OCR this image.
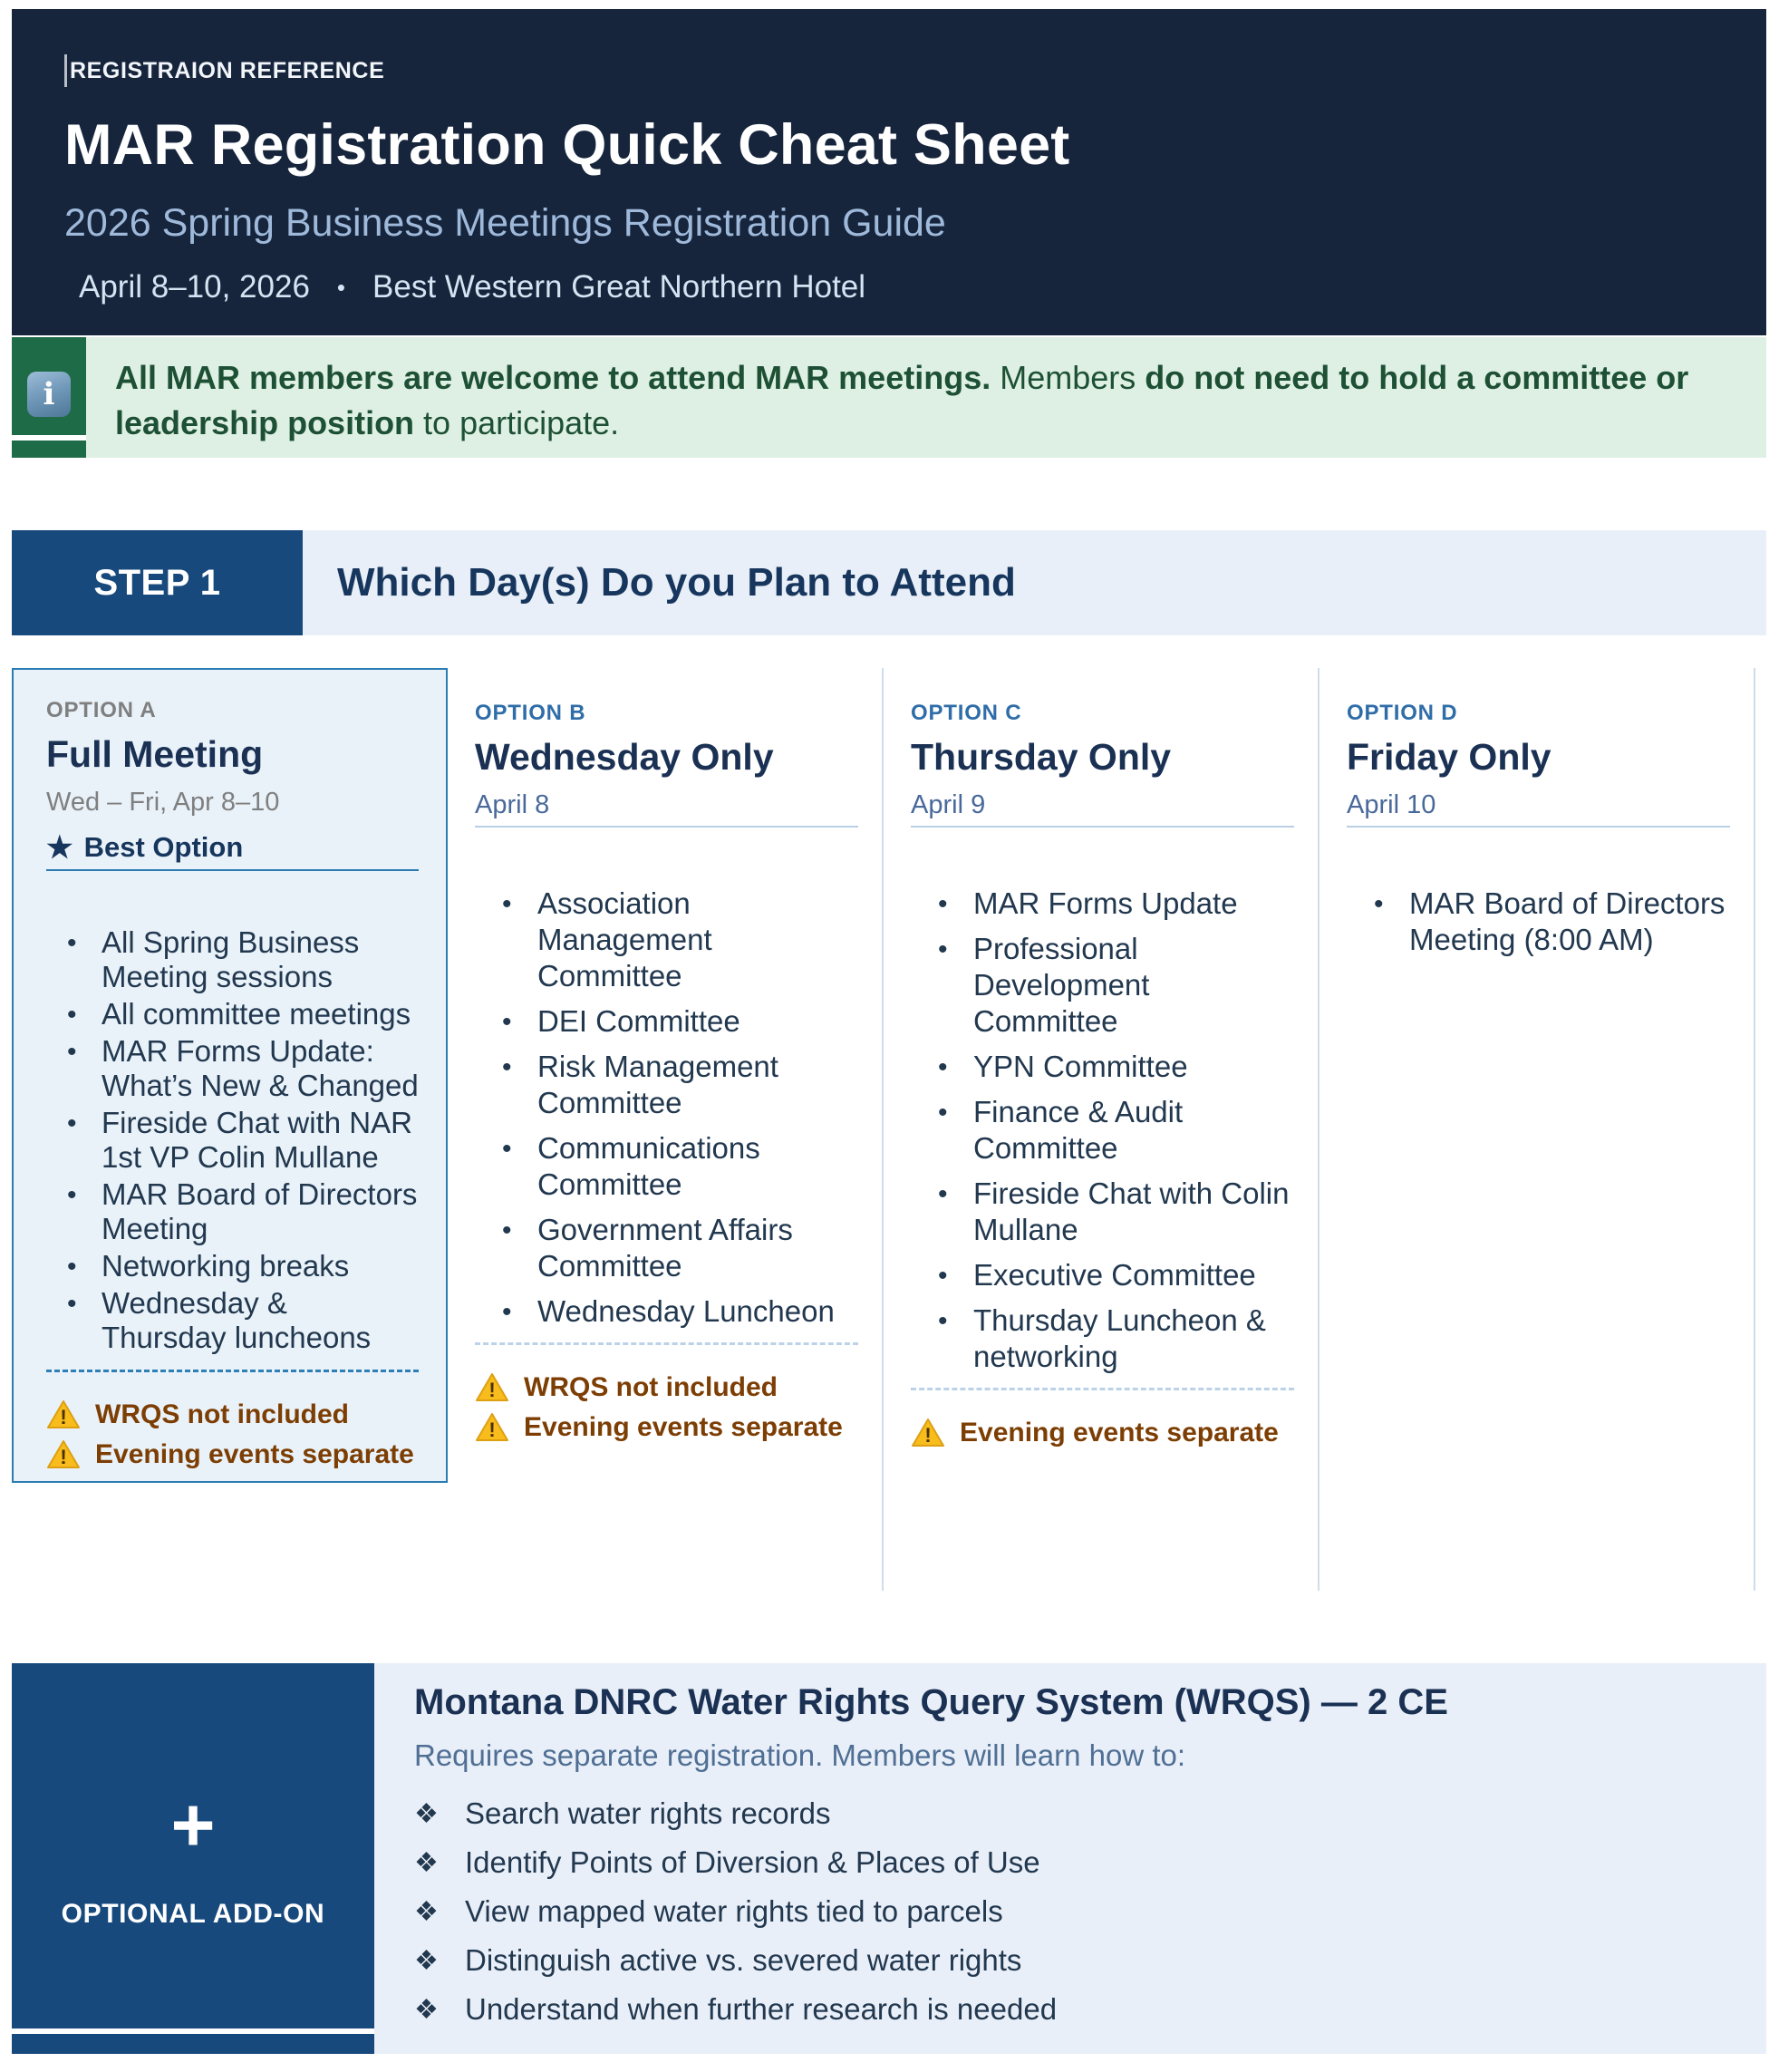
REGISTRAION REFERENCE
MAR Registration Quick Cheat Sheet
2026 Spring Business Meetings Registration Guide
April 8–10, 2026 • Best Western Great Northern Hotel
i	All MAR members are welcome to attend MAR meetings. Members do not need to hold a committee or leadership position to participate.
STEP 1	Which Day(s) Do you Plan to Attend
OPTION A
Full Meeting
Wed – Fri, Apr 8–10
★ Best Option
• All Spring Business Meeting sessions
• All committee meetings
• MAR Forms Update: What’s New & Changed
• Fireside Chat with NAR 1st VP Colin Mullane
• MAR Board of Directors Meeting
• Networking breaks
• Wednesday & Thursday luncheons
! WRQS not included
! Evening events separate
OPTION B
Wednesday Only
April 8
• Association Management Committee
• DEI Committee
• Risk Management Committee
• Communications Committee
• Government Affairs Committee
• Wednesday Luncheon
! WRQS not included
! Evening events separate
OPTION C
Thursday Only
April 9
• MAR Forms Update
• Professional Development Committee
• YPN Committee
• Finance & Audit Committee
• Fireside Chat with Colin Mullane
• Executive Committee
• Thursday Luncheon & networking
! Evening events separate
OPTION D
Friday Only
April 10
• MAR Board of Directors Meeting (8:00 AM)
+
OPTIONAL ADD-ON
Montana DNRC Water Rights Query System (WRQS) — 2 CE
Requires separate registration. Members will learn how to:
❖ Search water rights records
❖ Identify Points of Diversion & Places of Use
❖ View mapped water rights tied to parcels
❖ Distinguish active vs. severed water rights
❖ Understand when further research is needed
